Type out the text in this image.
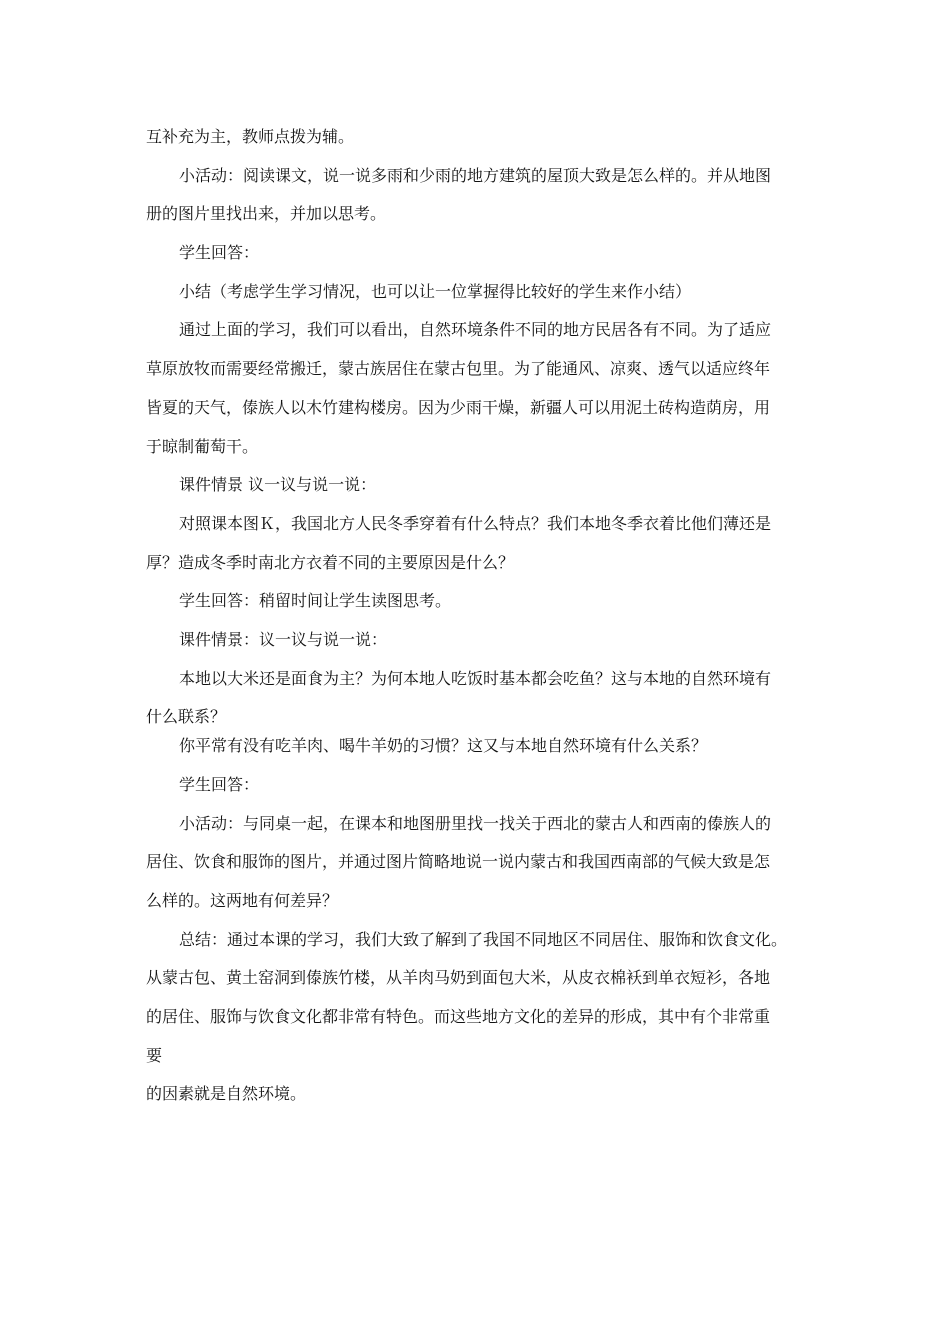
互补充为主，教师点拨为辅。
小活动：阅读课文，说一说多雨和少雨的地方建筑的屋顶大致是怎么样的。并从地图
册的图片里找出来，并加以思考。
学生回答：
小结（考虑学生学习情况，也可以让一位掌握得比较好的学生来作小结）
通过上面的学习，我们可以看出，自然环境条件不同的地方民居各有不同。为了适应
草原放牧而需要经常搬迁，蒙古族居住在蒙古包里。为了能通风、凉爽、透气以适应终年
皆夏的天气，傣族人以木竹建构楼房。因为少雨干燥，新疆人可以用泥土砖构造荫房，用
于晾制葡萄干。
课件情景 议一议与说一说：
对照课本图Ｋ，我国北方人民冬季穿着有什么特点？我们本地冬季衣着比他们薄还是
厚？造成冬季时南北方衣着不同的主要原因是什么？
学生回答：稍留时间让学生读图思考。
课件情景：议一议与说一说：
本地以大米还是面食为主？为何本地人吃饭时基本都会吃鱼？这与本地的自然环境有
什么联系？
你平常有没有吃羊肉、喝牛羊奶的习惯？这又与本地自然环境有什么关系？
学生回答：
小活动：与同桌一起，在课本和地图册里找一找关于西北的蒙古人和西南的傣族人的
居住、饮食和服饰的图片，并通过图片简略地说一说内蒙古和我国西南部的气候大致是怎
么样的。这两地有何差异？
总结：通过本课的学习，我们大致了解到了我国不同地区不同居住、服饰和饮食文化。
从蒙古包、黄土窑洞到傣族竹楼，从羊肉马奶到面包大米，从皮衣棉袄到单衣短衫，各地
的居住、服饰与饮食文化都非常有特色。而这些地方文化的差异的形成，其中有个非常重
要
的因素就是自然环境。
